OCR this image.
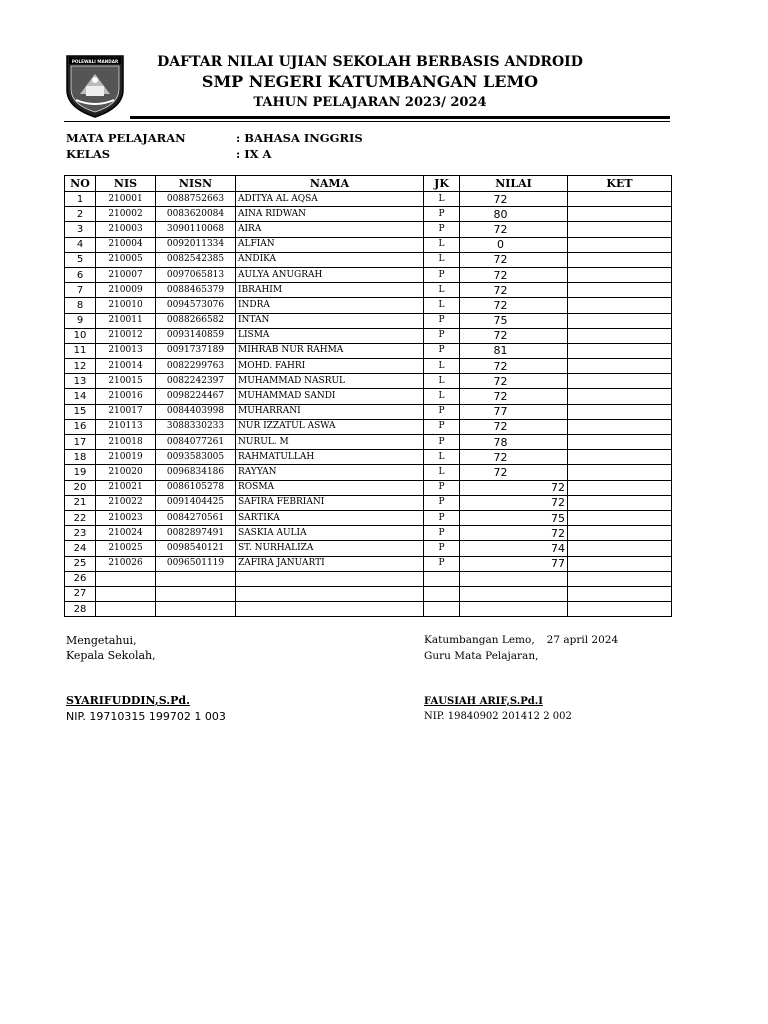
POLEWALI MANDAR	DAFTAR NILAI UJIAN SEKOLAH BERBASIS ANDROID
SMP NEGERI KATUMBANGAN LEMO
TAHUN PELAJARAN 2023/ 2024
MATA PELAJARAN	: BAHASA INGGRIS
KELAS	: IX A
NO	NIS	NISN	NAMA	JK	NILAI	KET
1	210001	0088752663	ADITYA AL AQSA	L	72	
2	210002	0083620084	AINA RIDWAN	P	80	
3	210003	3090110068	AIRA	P	72	
4	210004	0092011334	ALFIAN	L	0	
5	210005	0082542385	ANDIKA	L	72	
6	210007	0097065813	AULYA ANUGRAH	P	72	
7	210009	0088465379	IBRAHIM	L	72	
8	210010	0094573076	INDRA	L	72	
9	210011	0088266582	INTAN	P	75	
10	210012	0093140859	LISMA	P	72	
11	210013	0091737189	MIHRAB NUR RAHMA	P	81	
12	210014	0082299763	MOHD. FAHRI	L	72	
13	210015	0082242397	MUHAMMAD NASRUL	L	72	
14	210016	0098224467	MUHAMMAD SANDI	L	72	
15	210017	0084403998	MUHARRANI	P	77	
16	210113	3088330233	NUR IZZATUL ASWA	P	72	
17	210018	0084077261	NURUL. M	P	78	
18	210019	0093583005	RAHMATULLAH	L	72	
19	210020	0096834186	RAYYAN	L	72	
20	210021	0086105278	ROSMA	P	72	
21	210022	0091404425	SAFIRA FEBRIANI	P	72	
22	210023	0084270561	SARTIKA	P	75	
23	210024	0082897491	SASKIA AULIA	P	72	
24	210025	0098540121	ST. NURHALIZA	P	74	
25	210026	0096501119	ZAFIRA JANUARTI	P	77	
26						
27						
28						
Mengetahui,
Kepala Sekolah,
Katumbangan Lemo, 27 april 2024
Guru Mata Pelajaran,
SYARIFUDDIN,S.Pd.
NIP. 19710315 199702 1 003
FAUSIAH ARIF,S.Pd.I
NIP. 19840902 201412 2 002
